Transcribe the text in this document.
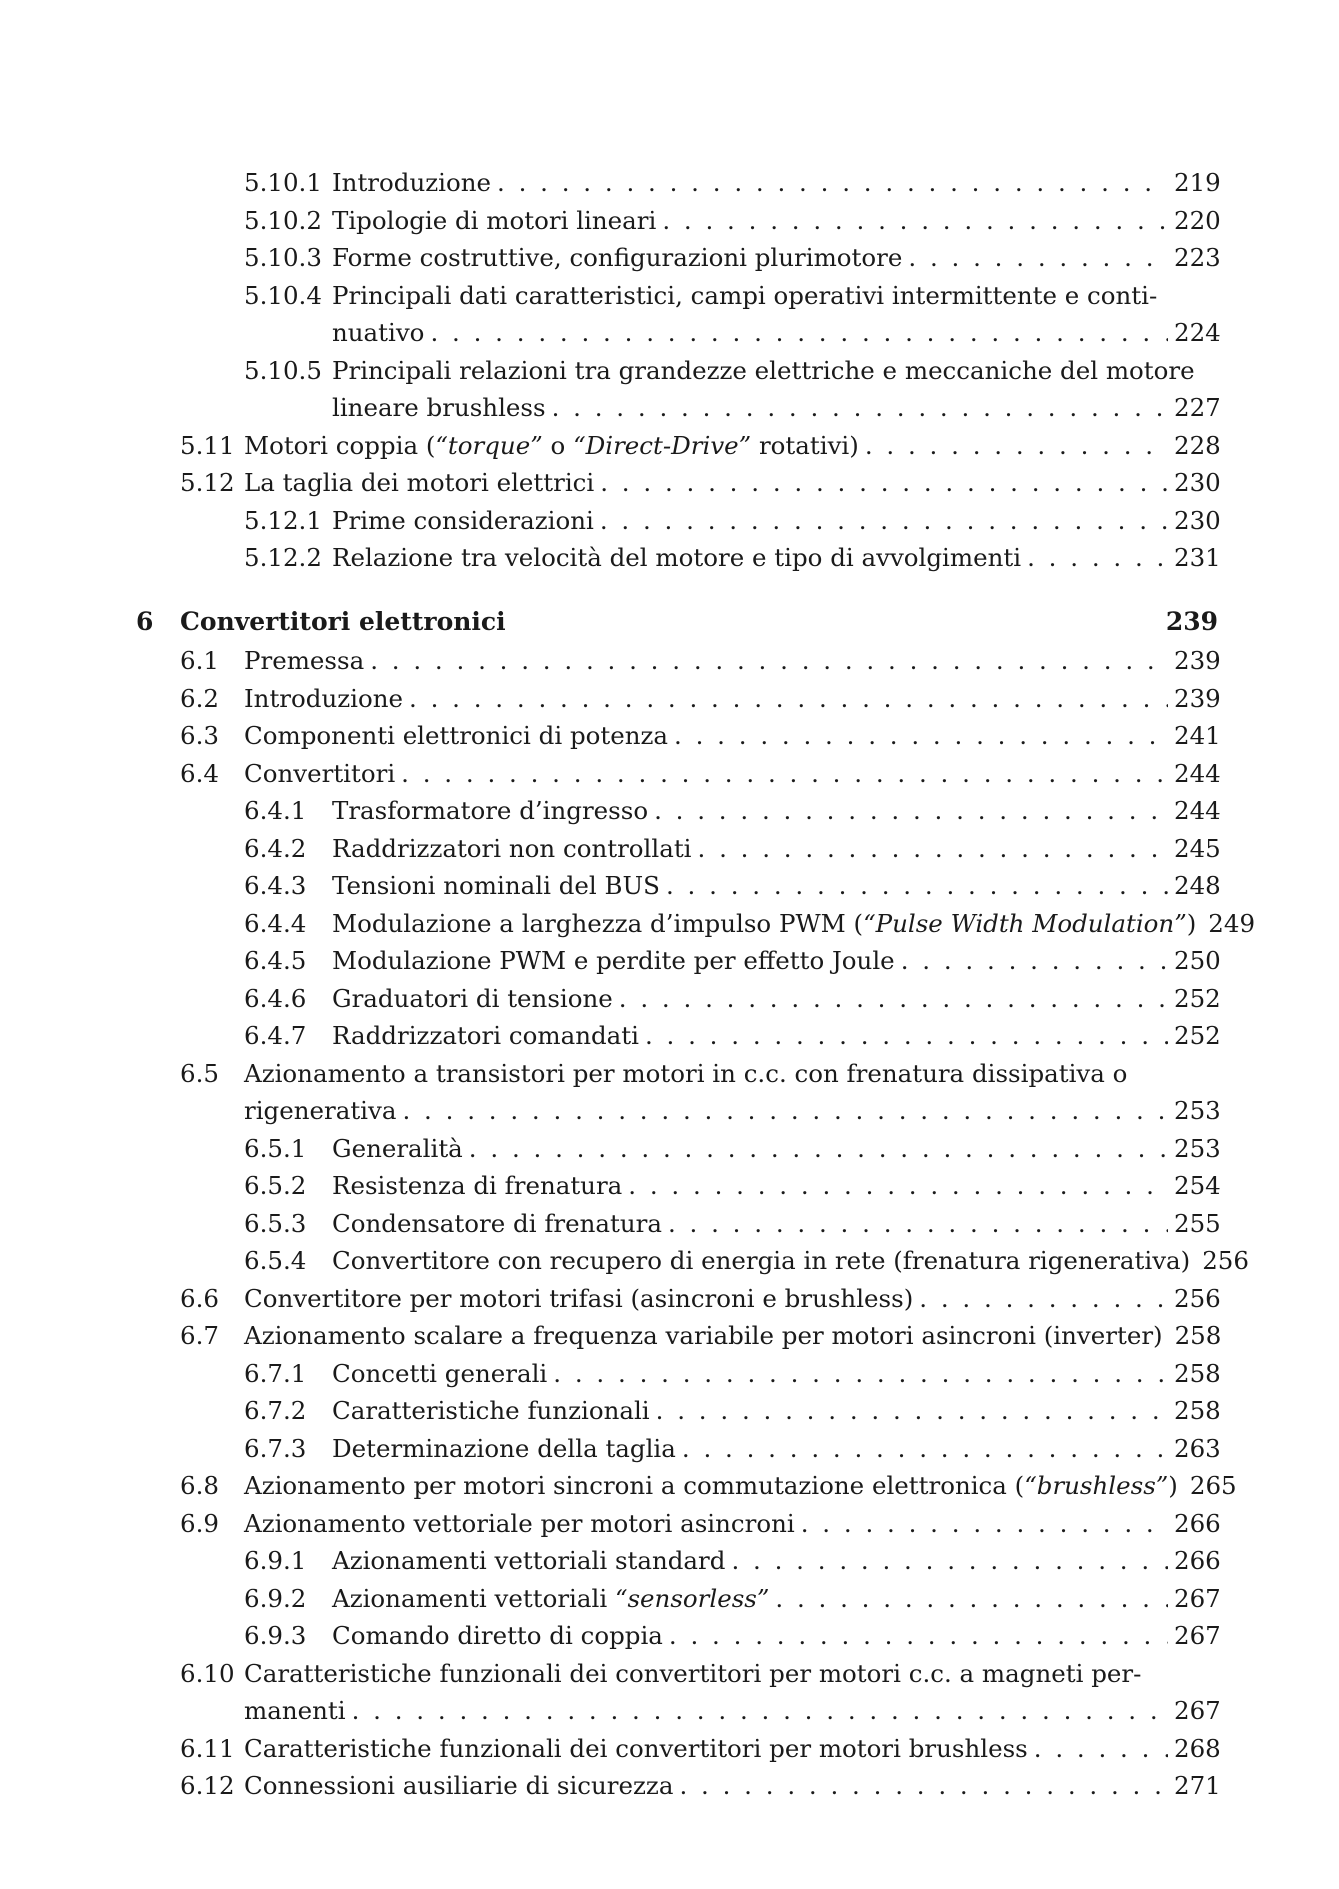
5.10.1 Introduzione . . .	219
5.10.2 Tipologie di motori lineari . . .	220
5.10.3 Forme costruttive, configurazioni plurimotore . . .	223
5.10.4 Principali dati caratteristici, campi operativi intermittente e conti-
nuativo . . .	224
5.10.5 Principali relazioni tra grandezze elettriche e meccaniche del motore
lineare brushless . . .	227
5.11 Motori coppia (“torque” o “Direct-Drive” rotativi) . . .	228
5.12 La taglia dei motori elettrici . . .	230
5.12.1 Prime considerazioni . . .	230
5.12.2 Relazione tra velocità del motore e tipo di avvolgimenti . . .	231
6 Convertitori elettronici	239
6.1 Premessa . . .	239
6.2 Introduzione . . .	239
6.3 Componenti elettronici di potenza . . .	241
6.4 Convertitori . . .	244
6.4.1 Trasformatore d’ingresso . . .	244
6.4.2 Raddrizzatori non controllati . . .	245
6.4.3 Tensioni nominali del BUS . . .	248
6.4.4 Modulazione a larghezza d’impulso PWM (“Pulse Width Modulation”) 249
6.4.5 Modulazione PWM e perdite per effetto Joule . . .	250
6.4.6 Graduatori di tensione . . .	252
6.4.7 Raddrizzatori comandati . . .	252
6.5 Azionamento a transistori per motori in c.c. con frenatura dissipativa o
rigenerativa . . .	253
6.5.1 Generalità . . .	253
6.5.2 Resistenza di frenatura . . .	254
6.5.3 Condensatore di frenatura . . .	255
6.5.4 Convertitore con recupero di energia in rete (frenatura rigenerativa) 256
6.6 Convertitore per motori trifasi (asincroni e brushless) . . .	256
6.7 Azionamento scalare a frequenza variabile per motori asincroni (inverter) 258
6.7.1 Concetti generali . . .	258
6.7.2 Caratteristiche funzionali . . .	258
6.7.3 Determinazione della taglia . . .	263
6.8 Azionamento per motori sincroni a commutazione elettronica (“brushless”) 265
6.9 Azionamento vettoriale per motori asincroni . . .	266
6.9.1 Azionamenti vettoriali standard . . .	266
6.9.2 Azionamenti vettoriali “sensorless” . . .	267
6.9.3 Comando diretto di coppia . . .	267
6.10 Caratteristiche funzionali dei convertitori per motori c.c. a magneti per-
manenti . . .	267
6.11 Caratteristiche funzionali dei convertitori per motori brushless . . .	268
6.12 Connessioni ausiliarie di sicurezza . . .	271
